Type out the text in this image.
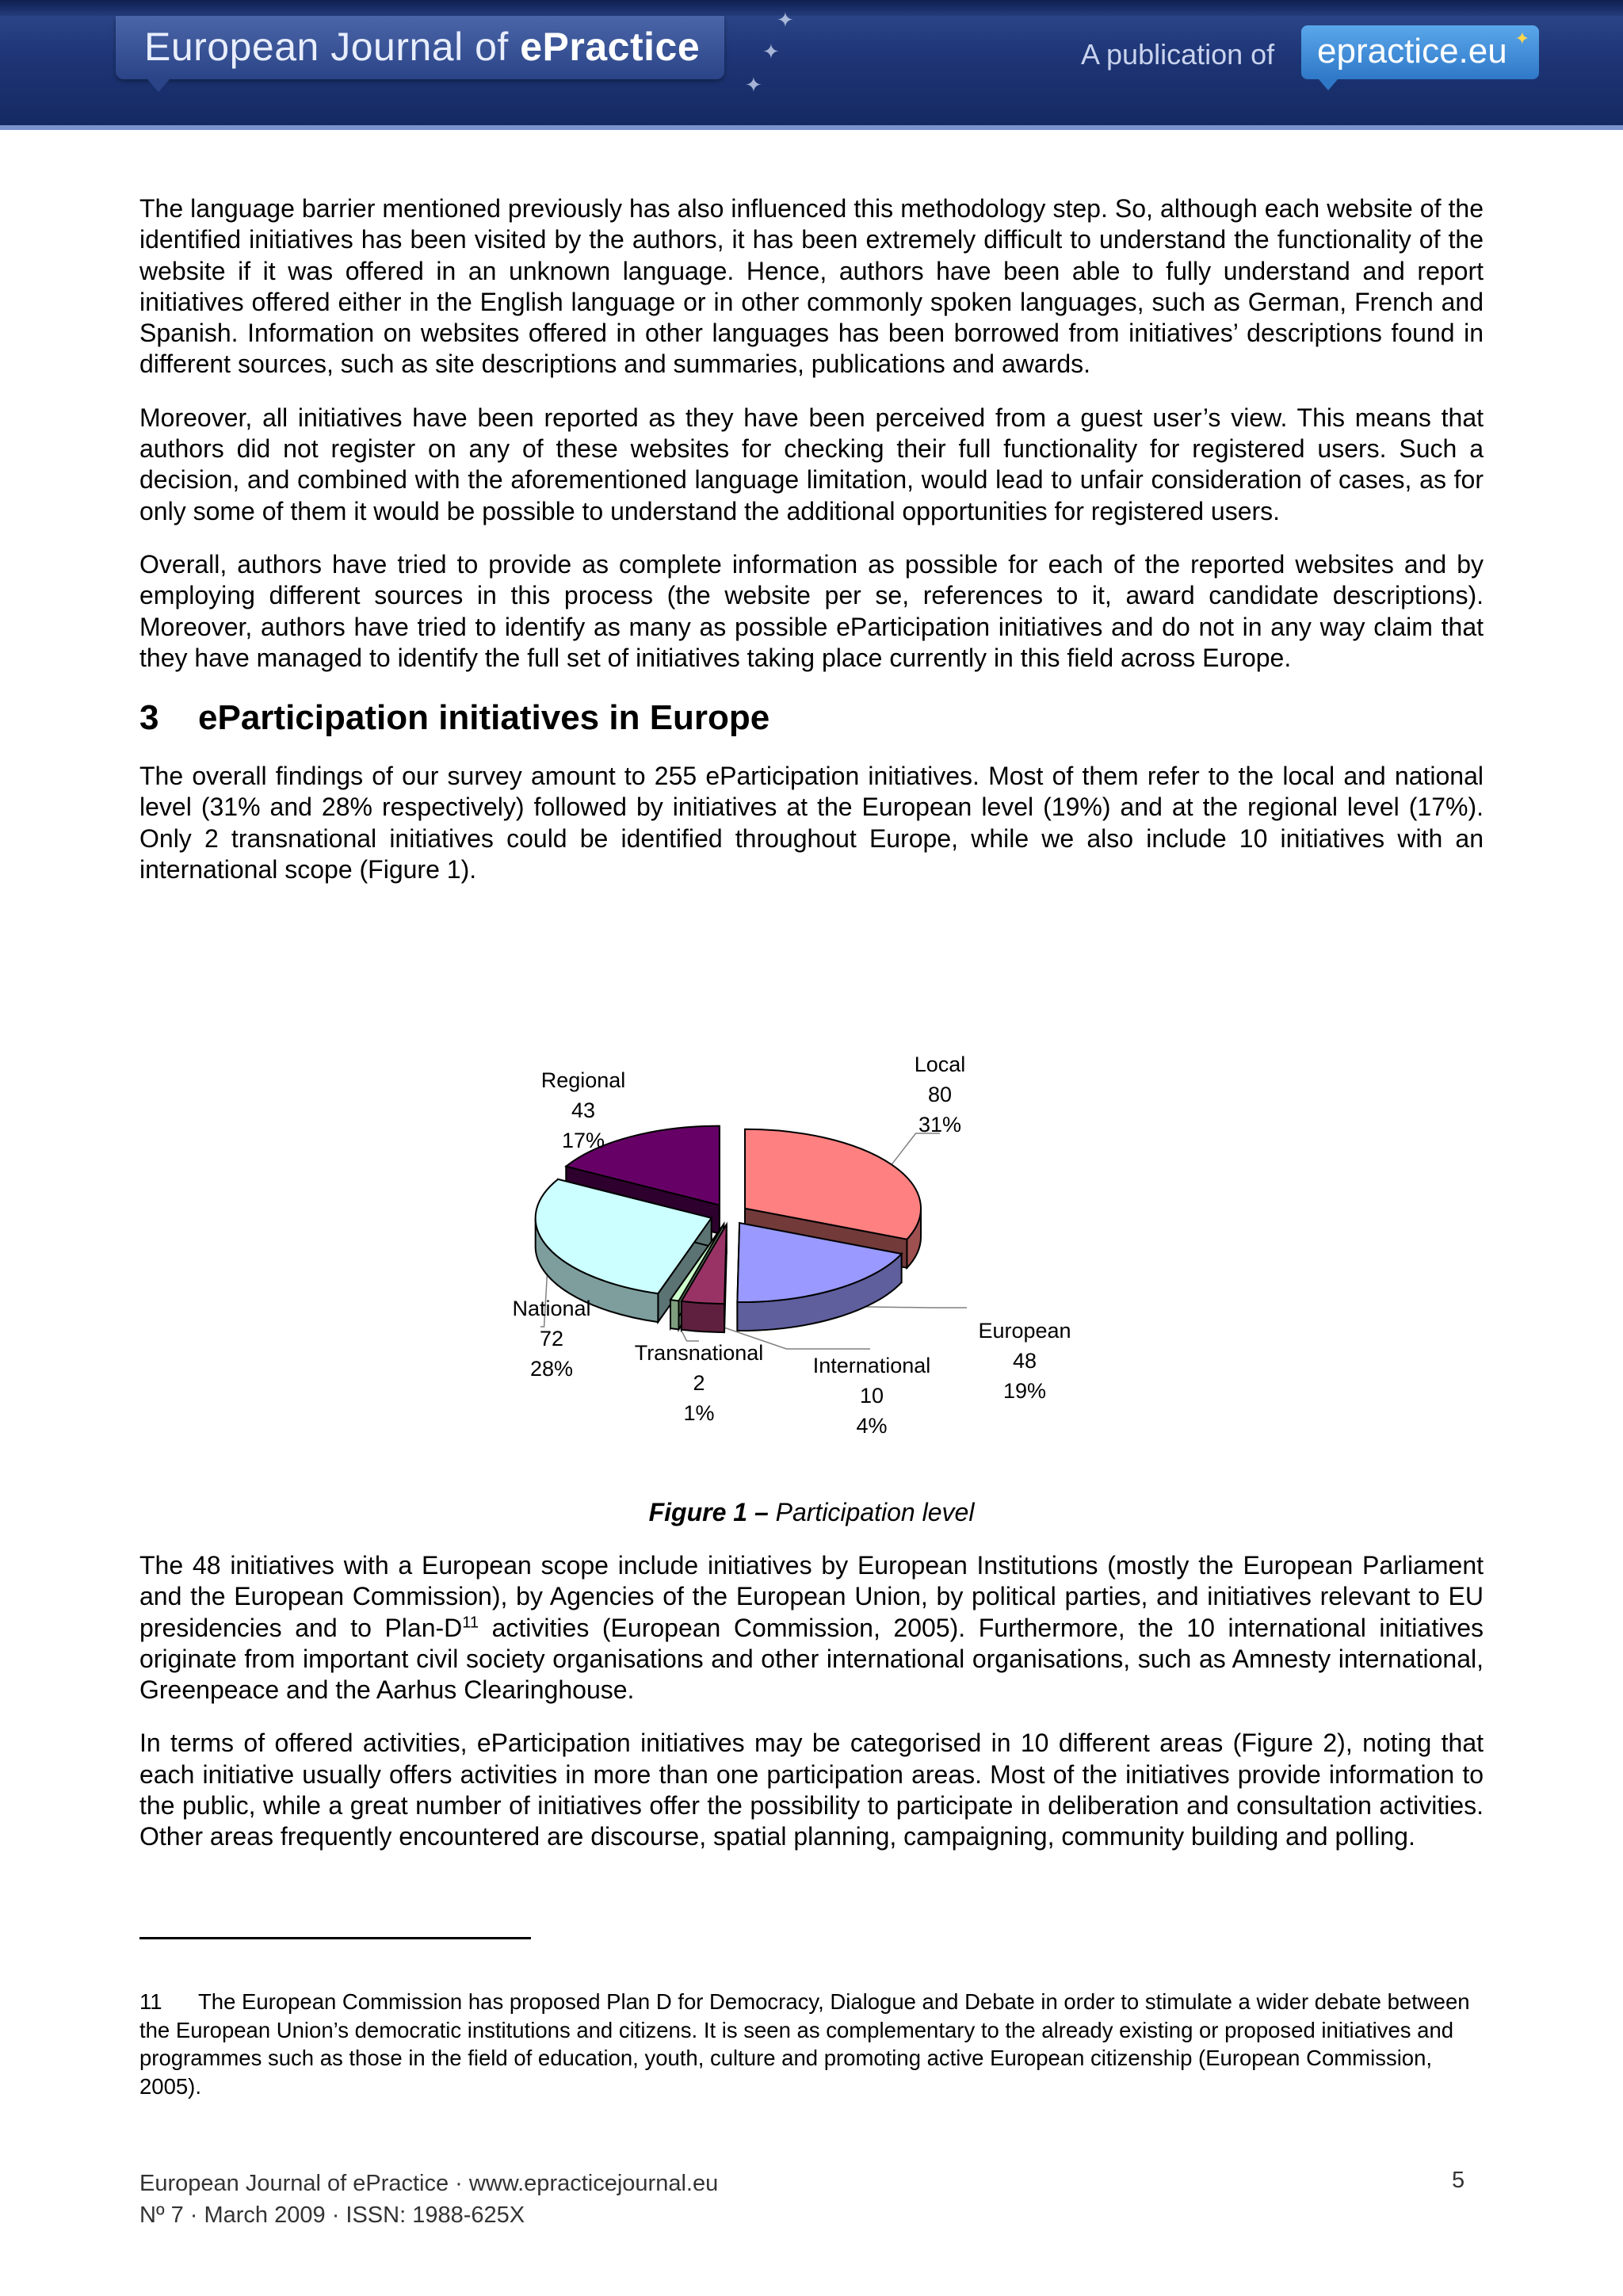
European Journal of ePractice
✦
✦
✦
A publication of epractice.eu ✦

The language barrier mentioned previously has also influenced this methodology step. So, although each website of the identified initiatives has been visited by the authors, it has been extremely difficult to understand the functionality of the website if it was offered in an unknown language. Hence, authors have been able to fully understand and report initiatives offered either in the English language or in other commonly spoken languages, such as German, French and Spanish. Information on websites offered in other languages has been borrowed from initiatives’ descriptions found in different sources, such as site descriptions and summaries, publications and awards.

Moreover, all initiatives have been reported as they have been perceived from a guest user’s view. This means that authors did not register on any of these websites for checking their full functionality for registered users. Such a decision, and combined with the aforementioned language limitation, would lead to unfair consideration of cases, as for only some of them it would be possible to understand the additional opportunities for registered users.

Overall, authors have tried to provide as complete information as possible for each of the reported websites and by employing different sources in this process (the website per se, references to it, award candidate descriptions). Moreover, authors have tried to identify as many as possible eParticipation initiatives and do not in any way claim that they have managed to identify the full set of initiatives taking place currently in this field across Europe.

3 eParticipation initiatives in Europe

The overall findings of our survey amount to 255 eParticipation initiatives. Most of them refer to the local and national level (31% and 28% respectively) followed by initiatives at the European level (19%) and at the regional level (17%). Only 2 transnational initiatives could be identified throughout Europe, while we also include 10 initiatives with an international scope (Figure 1).

Local
80
31%
European
48
19%
International
10
4%
Transnational
2
1%
National
72
28%
Regional
43
17%
Figure 1 – Participation level

The 48 initiatives with a European scope include initiatives by European Institutions (mostly the European Parliament and the European Commission), by Agencies of the European Union, by political parties, and initiatives relevant to EU presidencies and to Plan-$D^{11}$ activities (European Commission, 2005). Furthermore, the 10 international initiatives originate from important civil society organisations and other international organisations, such as Amnesty international, Greenpeace and the Aarhus Clearinghouse.

In terms of offered activities, eParticipation initiatives may be categorised in 10 different areas (Figure 2), noting that each initiative usually offers activities in more than one participation areas. Most of the initiatives provide information to the public, while a great number of initiatives offer the possibility to participate in deliberation and consultation activities. Other areas frequently encountered are discourse, spatial planning, campaigning, community building and polling.

11 The European Commission has proposed Plan D for Democracy, Dialogue and Debate in order to stimulate a wider debate between the European Union’s democratic institutions and citizens. It is seen as complementary to the already existing or proposed initiatives and programmes such as those in the field of education, youth, culture and promoting active European citizenship (European Commission, 2005).
European Journal of ePractice · www.epracticejournal.eu
Nº 7 · March 2009 · ISSN: 1988-625X
5
